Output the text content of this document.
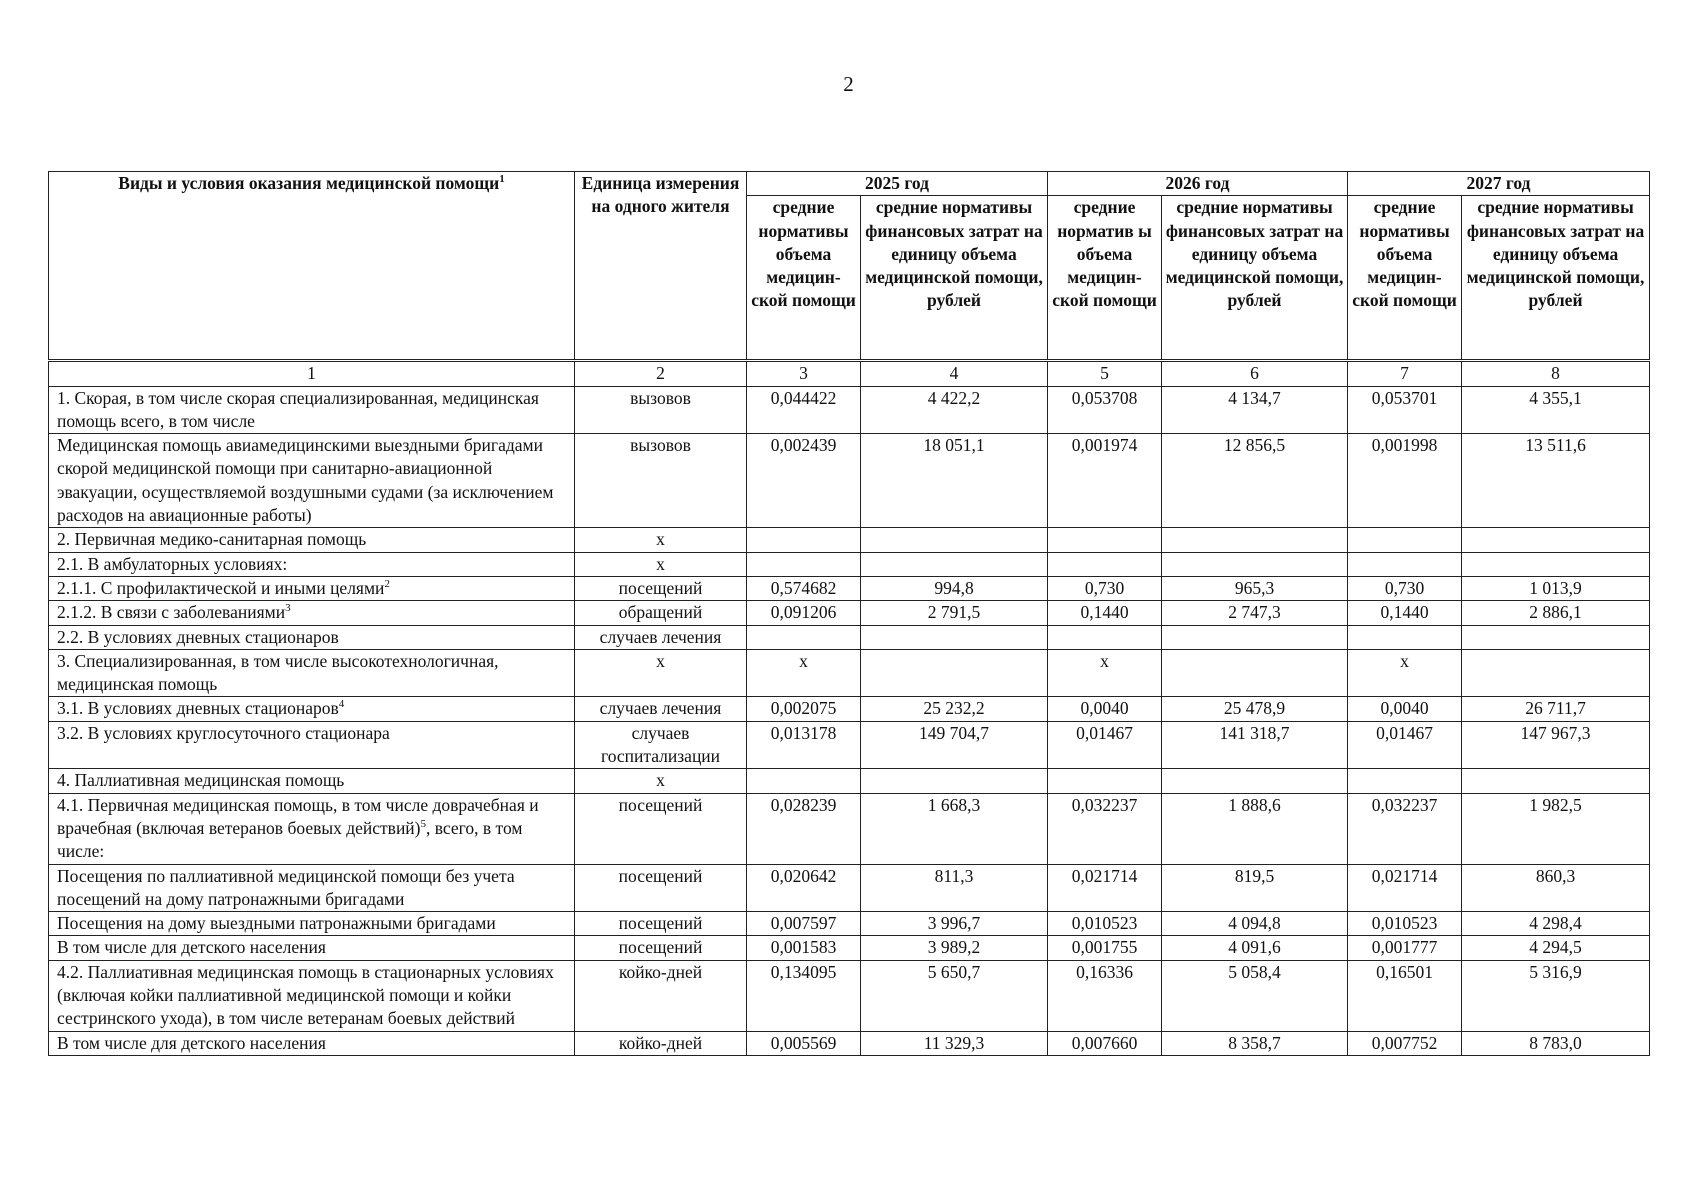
2
Виды и условия оказания медицинской помощи$^1$	Единица измерения на одного жителя	2025 год		2026 год		2027 год	
		средние нормативы объема медицин-ской помощи	средние нормативы финансовых затрат на единицу объема медицинской помощи, рублей	средние норматив ы объема медицин-ской помощи	средние нормативы финансовых затрат на единицу объема медицинской помощи, рублей	средние нормативы объема медицин-ской помощи	средние нормативы финансовых затрат на единицу объема медицинской помощи, рублей
1	2	3	4	5	6	7	8
1. Скорая, в том числе скорая специализированная, медицинская помощь всего, в том числе	вызовов	0,044422	4 422,2	0,053708	4 134,7	0,053701	4 355,1
Медицинская помощь авиамедицинскими выездными бригадами скорой медицинской помощи при санитарно-авиационной эвакуации, осуществляемой воздушными судами (за исключением расходов на авиационные работы)	вызовов	0,002439	18 051,1	0,001974	12 856,5	0,001998	13 511,6
2. Первичная медико-санитарная помощь	х						
2.1. В амбулаторных условиях:	х						
2.1.1. С профилактической и иными целями$^2$	посещений	0,574682	994,8	0,730	965,3	0,730	1 013,9
2.1.2. В связи с заболеваниями$^3$	обращений	0,091206	2 791,5	0,1440	2 747,3	0,1440	2 886,1
2.2. В условиях дневных стационаров	случаев лечения						
3. Специализированная, в том числе высокотехнологичная, медицинская помощь	х	х		х		х	
3.1. В условиях дневных стационаров$^4$	случаев лечения	0,002075	25 232,2	0,0040	25 478,9	0,0040	26 711,7
3.2. В условиях круглосуточного стационара	случаев госпитализации	0,013178	149 704,7	0,01467	141 318,7	0,01467	147 967,3
4. Паллиативная медицинская помощь	х						
4.1. Первичная медицинская помощь, в том числе доврачебная и врачебная (включая ветеранов боевых действий)$^5$, всего, в том числе:	посещений	0,028239	1 668,3	0,032237	1 888,6	0,032237	1 982,5
Посещения по паллиативной медицинской помощи без учета посещений на дому патронажными бригадами	посещений	0,020642	811,3	0,021714	819,5	0,021714	860,3
Посещения на дому выездными патронажными бригадами	посещений	0,007597	3 996,7	0,010523	4 094,8	0,010523	4 298,4
В том числе для детского населения	посещений	0,001583	3 989,2	0,001755	4 091,6	0,001777	4 294,5
4.2. Паллиативная медицинская помощь в стационарных условиях (включая койки паллиативной медицинской помощи и койки сестринского ухода), в том числе ветеранам боевых действий	койко-дней	0,134095	5 650,7	0,16336	5 058,4	0,16501	5 316,9
В том числе для детского населения	койко-дней	0,005569	11 329,3	0,007660	8 358,7	0,007752	8 783,0
